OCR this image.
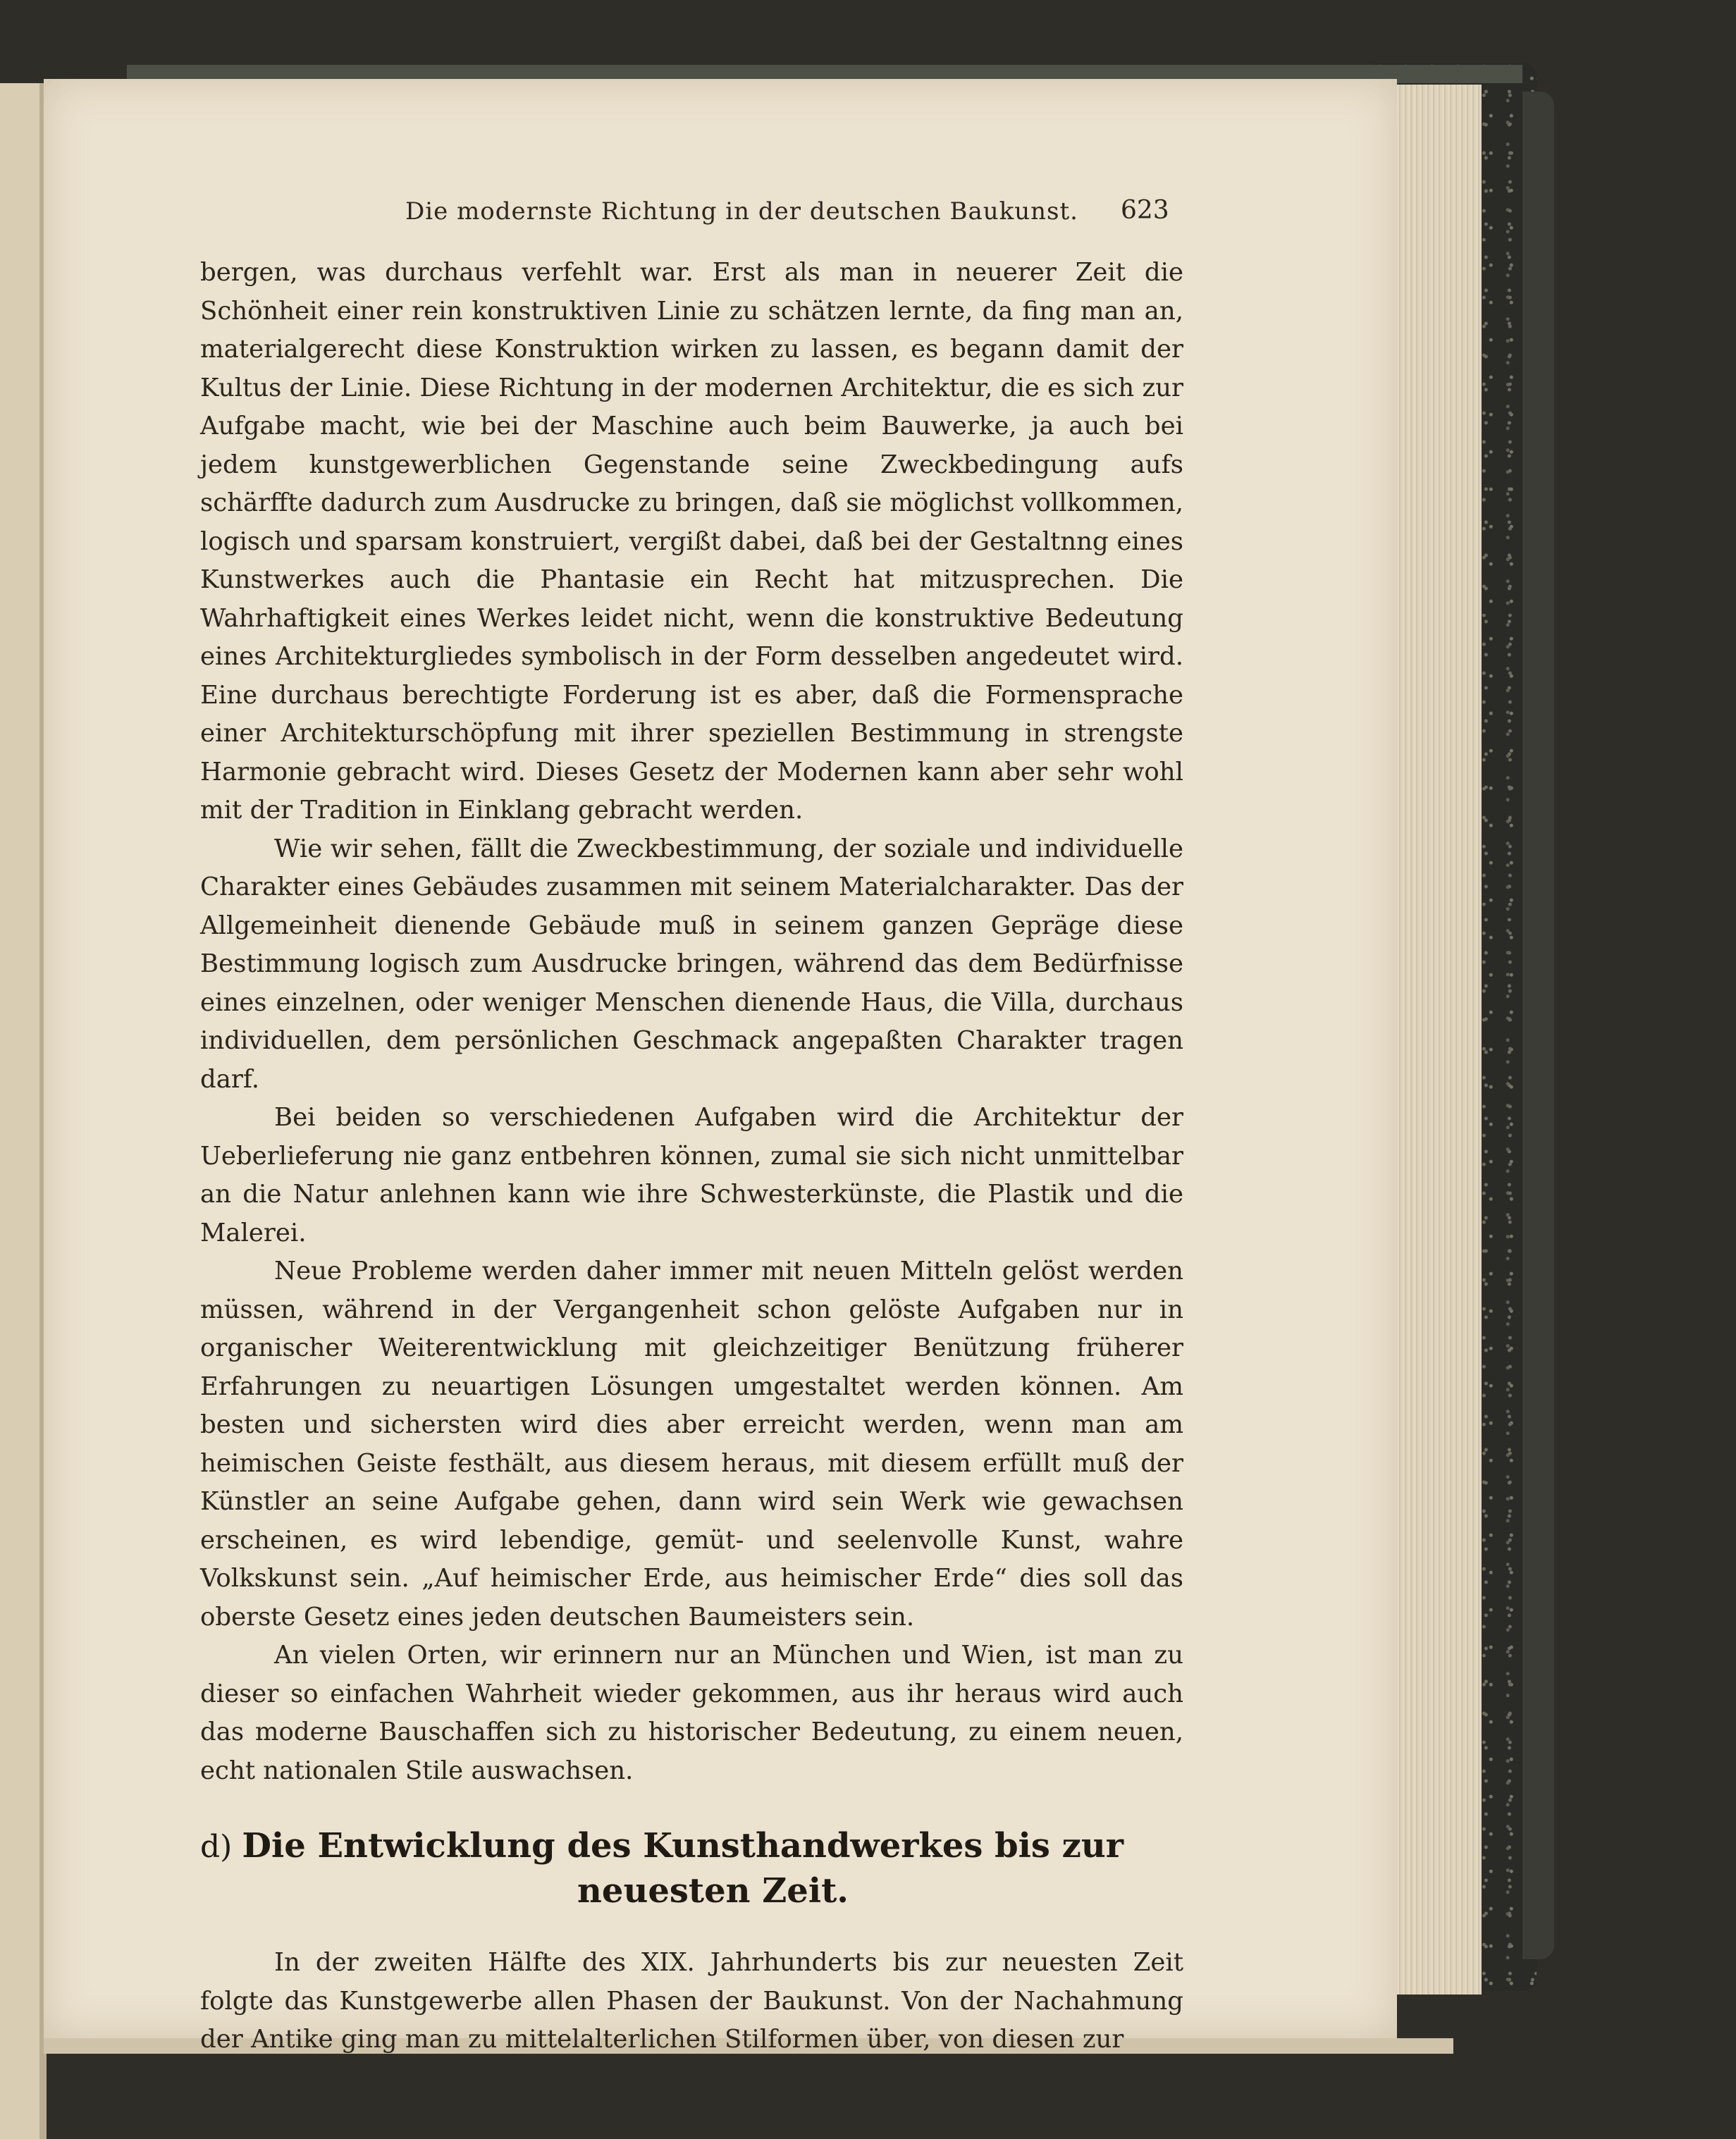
Die modernste Richtung in der deutschen Baukunst. 623

bergen, was durchaus verfehlt war. Erst als man in neuerer Zeit die Schönheit einer rein konstruktiven Linie zu schätzen lernte, da fing man an, materialgerecht diese Konstruktion wirken zu lassen, es begann damit der Kultus der Linie. Diese Richtung in der modernen Architektur, die es sich zur Aufgabe macht, wie bei der Maschine auch beim Bauwerke, ja auch bei jedem kunstgewerblichen Gegenstande seine Zweckbedingung aufs schärffte dadurch zum Ausdrucke zu bringen, daß sie möglichst vollkommen, logisch und sparsam konstruiert, vergißt dabei, daß bei der Gestaltnng eines Kunstwerkes auch die Phantasie ein Recht hat mitzusprechen. Die Wahrhaftigkeit eines Werkes leidet nicht, wenn die konstruktive Bedeutung eines Architekturgliedes symbolisch in der Form desselben angedeutet wird. Eine durchaus berechtigte Forderung ist es aber, daß die Formensprache einer Architekturschöpfung mit ihrer speziellen Bestimmung in strengste Harmonie gebracht wird. Dieses Gesetz der Modernen kann aber sehr wohl mit der Tradition in Einklang gebracht werden.

Wie wir sehen, fällt die Zweckbestimmung, der soziale und individuelle Charakter eines Gebäudes zusammen mit seinem Materialcharakter. Das der Allgemeinheit dienende Gebäude muß in seinem ganzen Gepräge diese Bestimmung logisch zum Ausdrucke bringen, während das dem Bedürfnisse eines einzelnen, oder weniger Menschen dienende Haus, die Villa, durchaus individuellen, dem persönlichen Geschmack angepaßten Charakter tragen darf.

Bei beiden so verschiedenen Aufgaben wird die Architektur der Ueberlieferung nie ganz entbehren können, zumal sie sich nicht unmittelbar an die Natur anlehnen kann wie ihre Schwesterkünste, die Plastik und die Malerei.

Neue Probleme werden daher immer mit neuen Mitteln gelöst werden müssen, während in der Vergangenheit schon gelöste Aufgaben nur in organischer Weiterentwicklung mit gleichzeitiger Benützung früherer Erfahrungen zu neuartigen Lösungen umgestaltet werden können. Am besten und sichersten wird dies aber erreicht werden, wenn man am heimischen Geiste festhält, aus diesem heraus, mit diesem erfüllt muß der Künstler an seine Aufgabe gehen, dann wird sein Werk wie gewachsen erscheinen, es wird lebendige, gemüt- und seelenvolle Kunst, wahre Volkskunst sein. „Auf heimischer Erde, aus heimischer Erde“ dies soll das oberste Gesetz eines jeden deutschen Baumeisters sein.

An vielen Orten, wir erinnern nur an München und Wien, ist man zu dieser so einfachen Wahrheit wieder gekommen, aus ihr heraus wird auch das moderne Bauschaffen sich zu historischer Bedeutung, zu einem neuen, echt nationalen Stile auswachsen.

d) Die Entwicklung des Kunsthandwerkes bis zur
neuesten Zeit.

In der zweiten Hälfte des XIX. Jahrhunderts bis zur neuesten Zeit folgte das Kunstgewerbe allen Phasen der Baukunst. Von der Nachahmung der Antike ging man zu mittelalterlichen Stilformen über, von diesen zur
